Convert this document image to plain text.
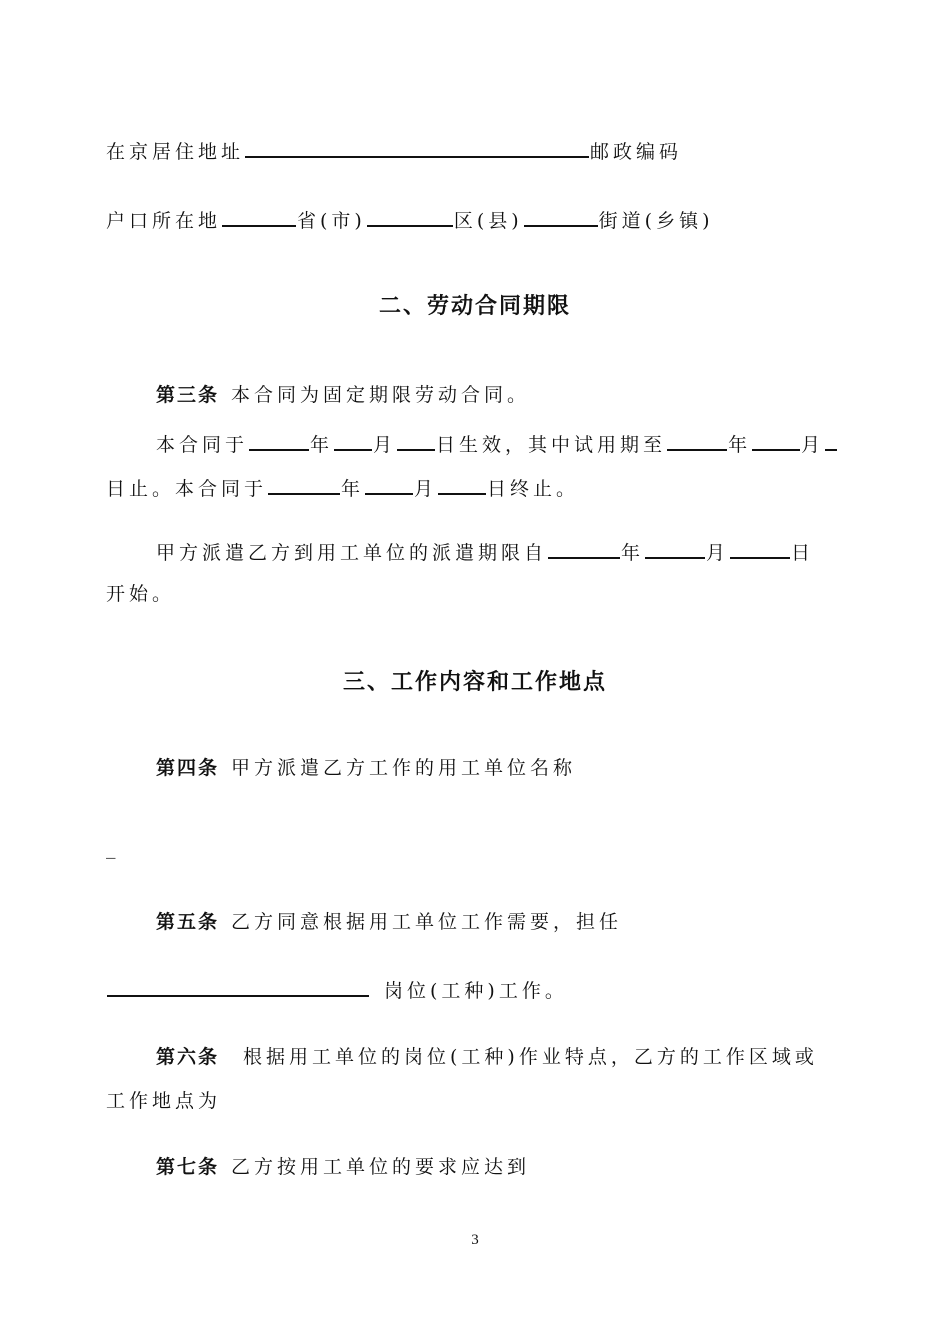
在京居住地址	邮政编码
户口所在地	省(市)	区(县)	街道(乡镇)
二、劳动合同期限
第三条 本合同为固定期限劳动合同。
本合同于	年 月 日生效，其中试用期至	年	月
日止。本合同于	年	月	日终止。
甲方派遣乙方到用工单位的派遣期限自	年	月	日
开始。
三、工作内容和工作地点
第四条 甲方派遣乙方工作的用工单位名称
_
第五条 乙方同意根据用工单位工作需要，担任
岗位(工种)工作。
第六条 根据用工单位的岗位(工种)作业特点，乙方的工作区域或
工作地点为
第七条 乙方按用工单位的要求应达到
3
